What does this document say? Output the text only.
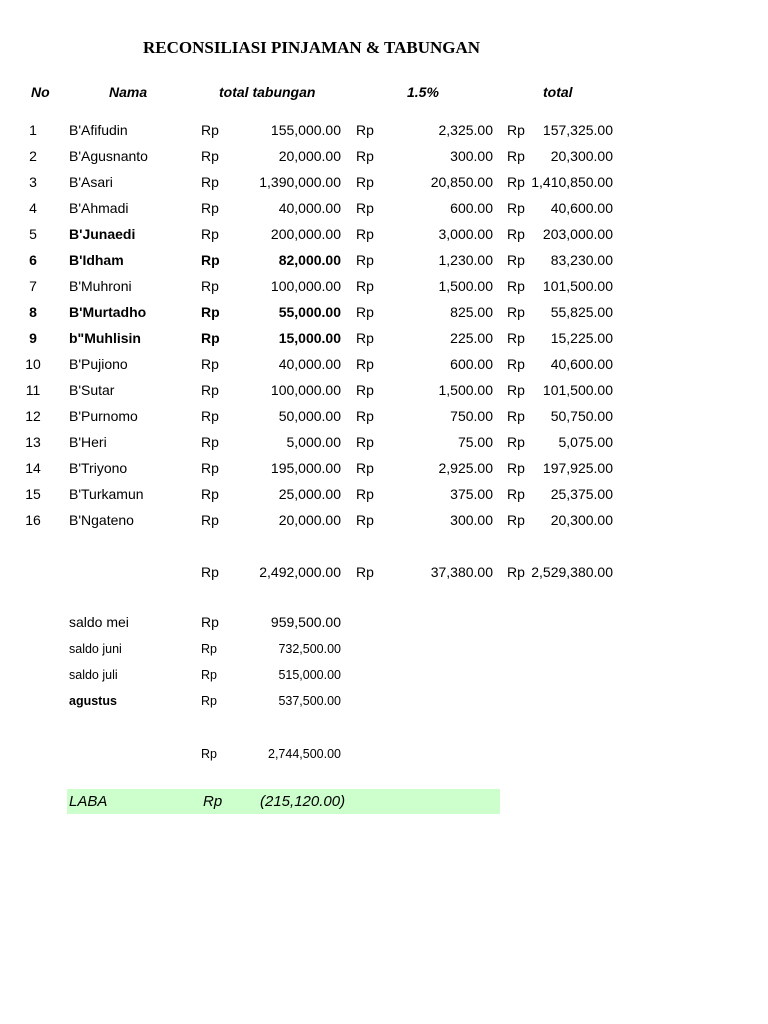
RECONSILIASI PINJAMAN & TABUNGAN
No	Nama	total tabungan	1.5%	total
1	B'Afifudin	Rp	155,000.00 Rp	2,325.00 Rp 157,325.00
2	B'Agusnanto	Rp	20,000.00 Rp	300.00 Rp 20,300.00
3	B'Asari	Rp	1,390,000.00 Rp	20,850.00 Rp 1,410,850.00
4	B'Ahmadi	Rp	40,000.00 Rp	600.00 Rp 40,600.00
5	B'Junaedi	Rp	200,000.00 Rp	3,000.00 Rp 203,000.00
6	B'Idham	Rp	82,000.00 Rp	1,230.00 Rp 83,230.00
7	B'Muhroni	Rp	100,000.00 Rp	1,500.00 Rp 101,500.00
8	B'Murtadho	Rp	55,000.00 Rp	825.00 Rp 55,825.00
9	b"Muhlisin	Rp	15,000.00 Rp	225.00 Rp 15,225.00
10	B'Pujiono	Rp	40,000.00 Rp	600.00 Rp 40,600.00
11	B'Sutar	Rp	100,000.00 Rp	1,500.00 Rp 101,500.00
12	B'Purnomo	Rp	50,000.00 Rp	750.00 Rp 50,750.00
13	B'Heri	Rp	5,000.00 Rp	75.00 Rp 5,075.00
14	B'Triyono	Rp	195,000.00 Rp	2,925.00 Rp 197,925.00
15	B'Turkamun	Rp	25,000.00 Rp	375.00 Rp 25,375.00
16	B'Ngateno	Rp	20,000.00 Rp	300.00 Rp 20,300.00
Rp	2,492,000.00 Rp	37,380.00 Rp 2,529,380.00
saldo mei	Rp	959,500.00
saldo juni	Rp	732,500.00
saldo juli	Rp	515,000.00
agustus	Rp	537,500.00
Rp	2,744,500.00
LABA	Rp	(215,120.00)
